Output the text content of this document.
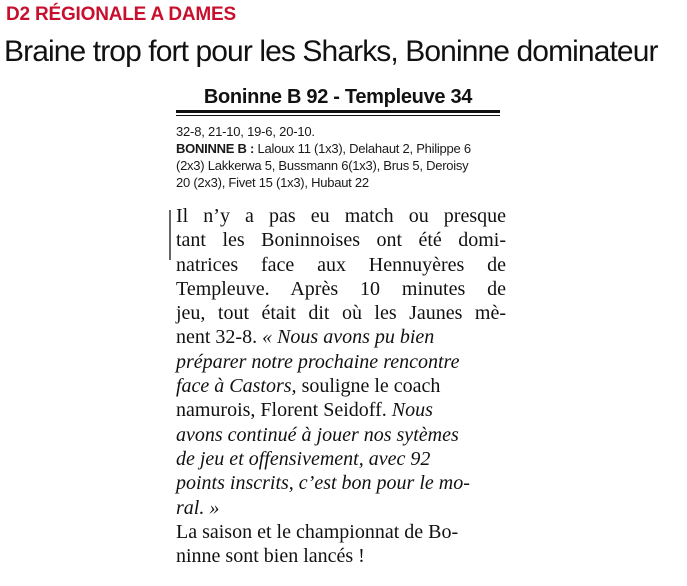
D2 RÉGIONALE A DAMES
Braine trop fort pour les Sharks, Boninne dominateur
Boninne B 92 - Templeuve 34
32-8, 21-10, 19-6, 20-10.
BONINNE B : Laloux 11 (1x3), Delahaut 2, Philippe 6
(2x3) Lakkerwa 5, Bussmann 6(1x3), Brus 5, Deroisy
20 (2x3), Fivet 15 (1x3), Hubaut 22
Il n’y a pas eu match ou presque
tant les Boninnoises ont été domi-
natrices face aux Hennuyères de
Templeuve. Après 10 minutes de
jeu, tout était dit où les Jaunes mè-
nent 32-8. « Nous avons pu bien
préparer notre prochaine rencontre
face à Castors, souligne le coach
namurois, Florent Seidoff. Nous
avons continué à jouer nos sytèmes
de jeu et offensivement, avec 92
points inscrits, c’est bon pour le mo-
ral. »
La saison et le championnat de Bo-
ninne sont bien lancés !
